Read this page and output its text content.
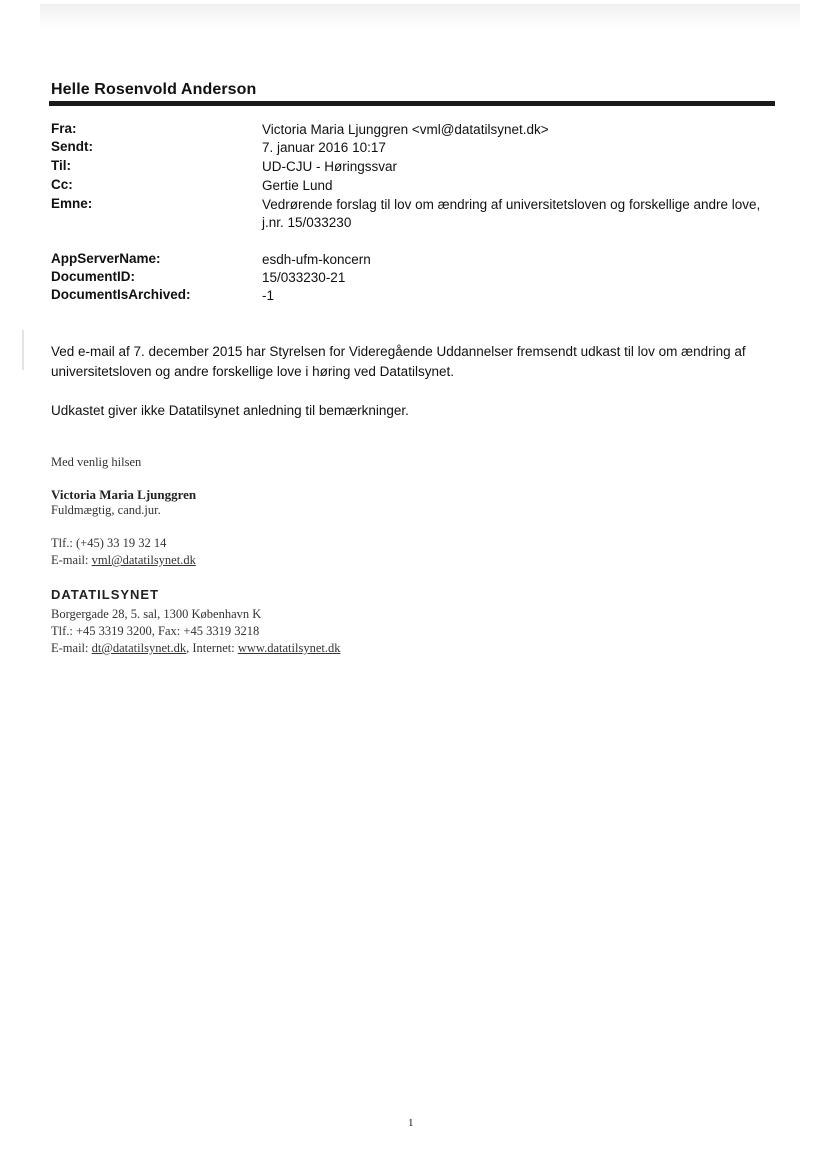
Helle Rosenvold Anderson
Fra:	Victoria Maria Ljunggren <vml@datatilsynet.dk>
Sendt:	7. januar 2016 10:17
Til:	UD-CJU - Høringssvar
Cc:	Gertie Lund
Emne:	Vedrørende forslag til lov om ændring af universitetsloven og forskellige andre love, j.nr. 15/033230
AppServerName:	esdh-ufm-koncern
DocumentID:	15/033230-21
DocumentIsArchived:	-1
Ved e-mail af 7. december 2015 har Styrelsen for Videregående Uddannelser fremsendt udkast til lov om ændring af universitetsloven og andre forskellige love i høring ved Datatilsynet.
Udkastet giver ikke Datatilsynet anledning til bemærkninger.
Med venlig hilsen
Victoria Maria Ljunggren
Fuldmægtig, cand.jur.
Tlf.: (+45) 33 19 32 14
E-mail: vml@datatilsynet.dk
DATATILSYNET
Borgergade 28, 5. sal, 1300 København K
Tlf.: +45 3319 3200, Fax: +45 3319 3218
E-mail: dt@datatilsynet.dk, Internet: www.datatilsynet.dk
1
